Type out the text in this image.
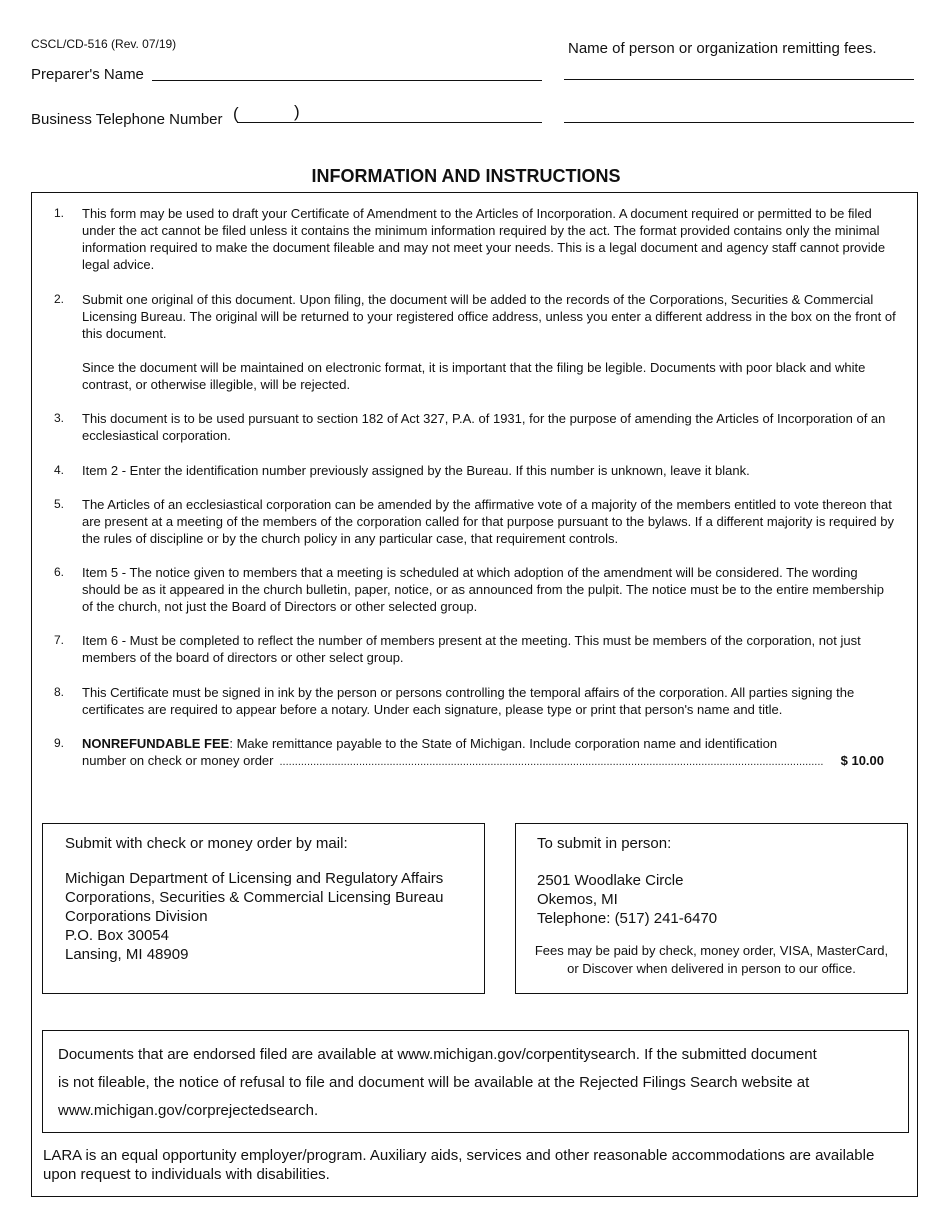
CSCL/CD-516 (Rev. 07/19)
Preparer's Name
Business Telephone Number (	)
Name of person or organization remitting fees.
INFORMATION AND INSTRUCTIONS
1.	This form may be used to draft your Certificate of Amendment to the Articles of Incorporation. A document required or permitted to be filed under the act cannot be filed unless it contains the minimum information required by the act. The format provided contains only the minimal information required to make the document fileable and may not meet your needs. This is a legal document and agency staff cannot provide legal advice.

2.	Submit one original of this document. Upon filing, the document will be added to the records of the Corporations, Securities & Commercial Licensing Bureau. The original will be returned to your registered office address, unless you enter a different address in the box on the front of this document.

Since the document will be maintained on electronic format, it is important that the filing be legible. Documents with poor black and white contrast, or otherwise illegible, will be rejected.

3.	This document is to be used pursuant to section 182 of Act 327, P.A. of 1931, for the purpose of amending the Articles of Incorporation of an ecclesiastical corporation.

4.	Item 2 - Enter the identification number previously assigned by the Bureau. If this number is unknown, leave it blank.

5.	The Articles of an ecclesiastical corporation can be amended by the affirmative vote of a majority of the members entitled to vote thereon that are present at a meeting of the members of the corporation called for that purpose pursuant to the bylaws. If a different majority is required by the rules of discipline or by the church policy in any particular case, that requirement controls.

6.	Item 5 - The notice given to members that a meeting is scheduled at which adoption of the amendment will be considered. The wording should be as it appeared in the church bulletin, paper, notice, or as announced from the pulpit. The notice must be to the entire membership of the church, not just the Board of Directors or other selected group.

7.	Item 6 - Must be completed to reflect the number of members present at the meeting. This must be members of the corporation, not just members of the board of directors or other select group.

8.	This Certificate must be signed in ink by the person or persons controlling the temporal affairs of the corporation. All parties signing the certificates are required to appear before a notary. Under each signature, please type or print that person's name and title.

9.	NONREFUNDABLE FEE: Make remittance payable to the State of Michigan. Include corporation name and identification
number on check or money order ..................................................................................................................................................................................	$ 10.00
Submit with check or money order by mail:
Michigan Department of Licensing and Regulatory Affairs
Corporations, Securities & Commercial Licensing Bureau
Corporations Division
P.O. Box 30054
Lansing, MI 48909
To submit in person:
2501 Woodlake Circle
Okemos, MI
Telephone: (517) 241-6470
Fees may be paid by check, money order, VISA, MasterCard,
or Discover when delivered in person to our office.
Documents that are endorsed filed are available at www.michigan.gov/corpentitysearch. If the submitted document
is not fileable, the notice of refusal to file and document will be available at the Rejected Filings Search website at
www.michigan.gov/corprejectedsearch.
LARA is an equal opportunity employer/program. Auxiliary aids, services and other reasonable accommodations are available
upon request to individuals with disabilities.
